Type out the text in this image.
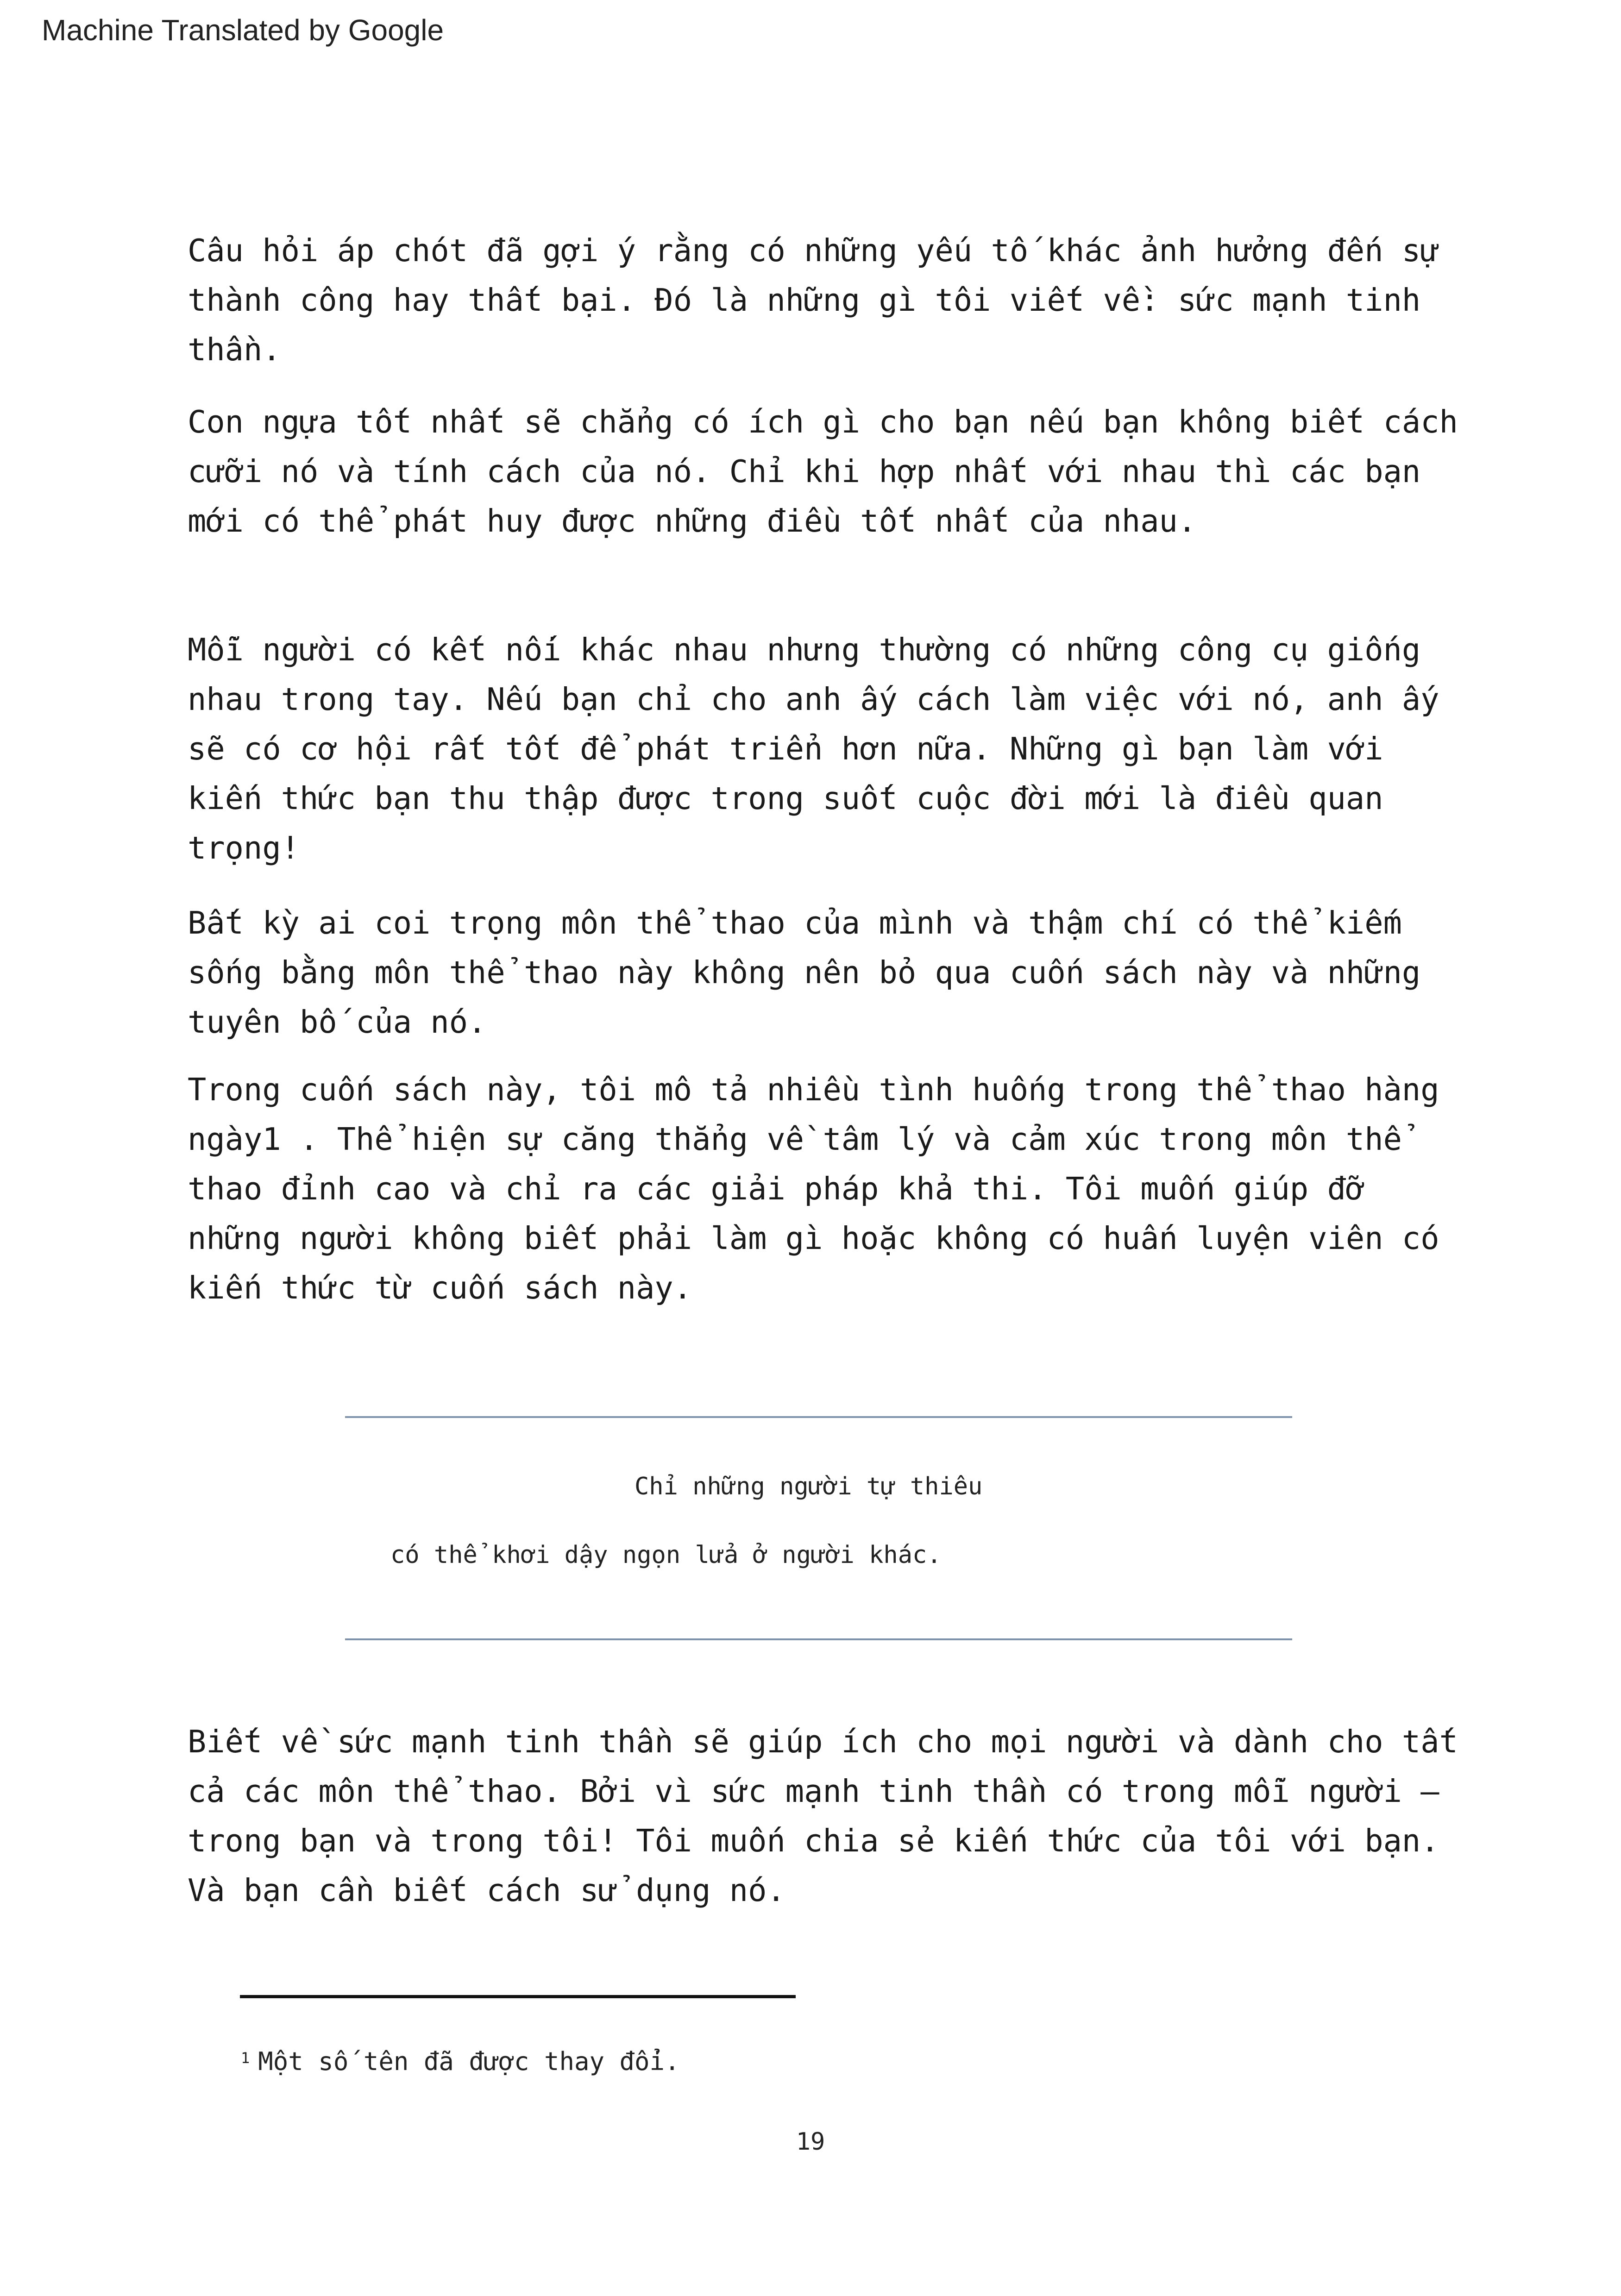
Machine Translated by Google

Câu hỏi áp chót đã gợi ý rằng có những yếu tố khác ảnh hưởng đến sự
thành công hay thất bại. Đó là những gì tôi viết về: sức mạnh tinh
thần.

Con ngựa tốt nhất sẽ chẳng có ích gì cho bạn nếu bạn không biết cách
cưỡi nó và tính cách của nó. Chỉ khi hợp nhất với nhau thì các bạn
mới có thể phát huy được những điều tốt nhất của nhau.

Mỗi người có kết nối khác nhau nhưng thường có những công cụ giống
nhau trong tay. Nếu bạn chỉ cho anh ấy cách làm việc với nó, anh ấy
sẽ có cơ hội rất tốt để phát triển hơn nữa. Những gì bạn làm với
kiến thức bạn thu thập được trong suốt cuộc đời mới là điều quan
trọng!

Bất kỳ ai coi trọng môn thể thao của mình và thậm chí có thể kiếm
sống bằng môn thể thao này không nên bỏ qua cuốn sách này và những
tuyên bố của nó.

Trong cuốn sách này, tôi mô tả nhiều tình huống trong thể thao hàng
ngày1 . Thể hiện sự căng thẳng về tâm lý và cảm xúc trong môn thể
thao đỉnh cao và chỉ ra các giải pháp khả thi. Tôi muốn giúp đỡ
những người không biết phải làm gì hoặc không có huấn luyện viên có
kiến thức từ cuốn sách này.

Chỉ những người tự thiêu
có thể khơi dậy ngọn lửa ở người khác.

Biết về sức mạnh tinh thần sẽ giúp ích cho mọi người và dành cho tất
cả các môn thể thao. Bởi vì sức mạnh tinh thần có trong mỗi người –
trong bạn và trong tôi! Tôi muốn chia sẻ kiến thức của tôi với bạn.
Và bạn cần biết cách sử dụng nó.

$^1$ Một số tên đã được thay đổi.
19
